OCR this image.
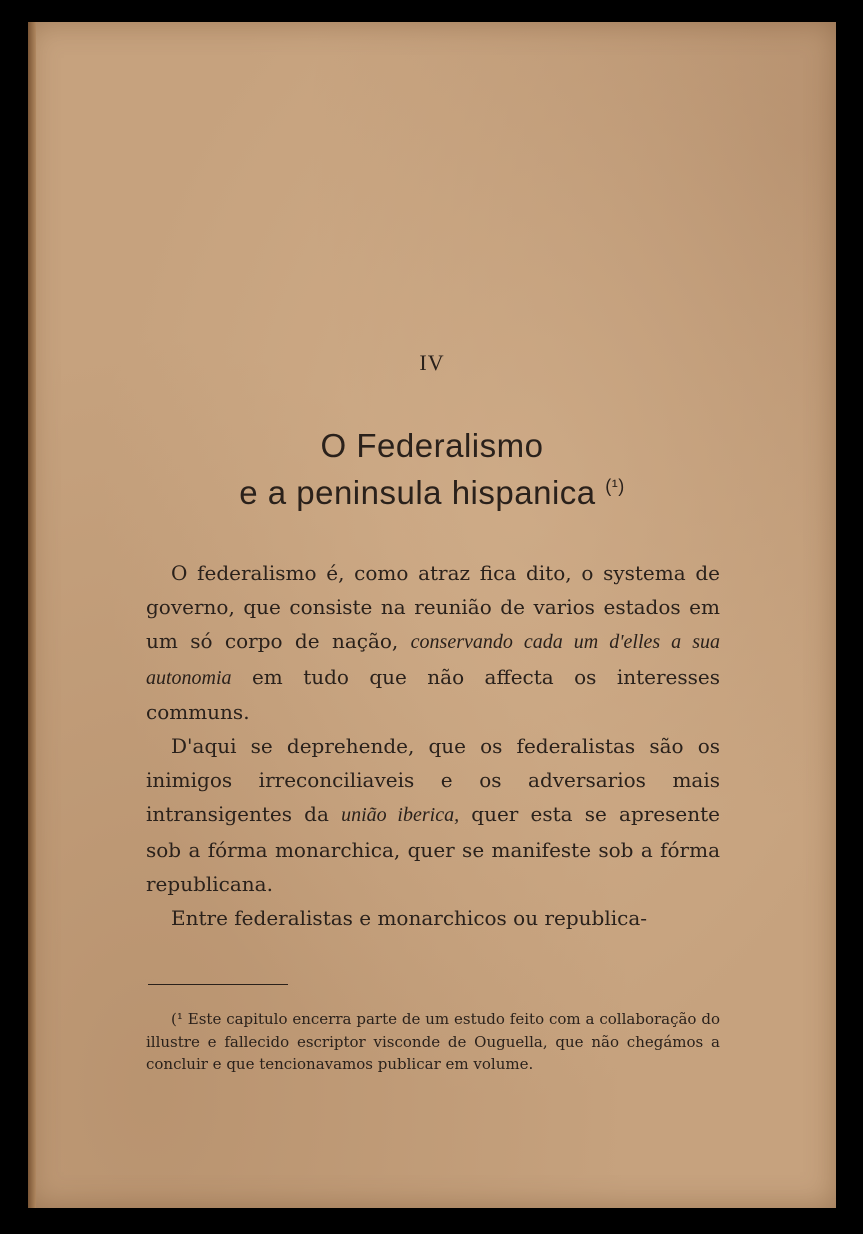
IV
O Federalismo
e a peninsula hispanica $^{(^1)}$

O federalismo é, como atraz fica dito, o systema de governo, que consiste na reunião de varios estados em um só corpo de nação, conservando cada um d'elles a sua autonomia em tudo que não affecta os interesses communs.

D'aqui se deprehende, que os federalistas são os inimigos irreconciliaveis e os adversarios mais intransigentes da união iberica, quer esta se apresente sob a fórma monarchica, quer se manifeste sob a fórma republicana.

Entre federalistas e monarchicos ou republica-

(¹ Este capitulo encerra parte de um estudo feito com a collaboração do illustre e fallecido escriptor visconde de Ouguella, que não chegámos a concluir e que tencionavamos publicar em volume.
